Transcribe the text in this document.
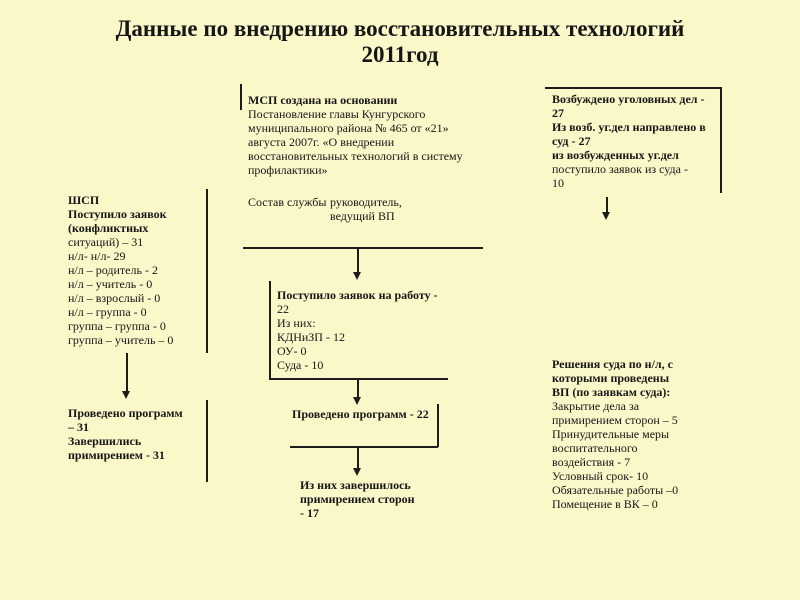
Данные по внедрению восстановительных технологий
2011год
ШСП
Поступило заявок
(конфликтных
ситуаций) – 31
н/л- н/л- 29
н/л – родитель - 2
н/л – учитель - 0
н/л – взрослый - 0
н/л – группа - 0
группа – группа - 0
группа – учитель – 0
Проведено программ
– 31
Завершились
примирением - 31
МСП создана на основании
Постановление главы Кунгурского
муниципального района № 465 от «21»
августа 2007г. «О внедрении
восстановительных технологий в систему
профилактики»
Состав службы руководитель,
ведущий ВП
Поступило заявок на работу -
22
Из них:
КДНиЗП - 12
ОУ- 0
Суда - 10
Проведено программ - 22
Из них завершилось
примирением сторон
- 17
Возбуждено уголовных дел -
27
Из возб. уг.дел направлено в
суд - 27
из возбужденных уг.дел
поступило заявок из суда -
10
Решения суда по н/л, с
которыми проведены
ВП (по заявкам суда):
Закрытие дела за
примирением сторон – 5
Принудительные меры
воспитательного
воздействия - 7
Условный срок- 10
Обязательные работы –0
Помещение в ВК – 0
